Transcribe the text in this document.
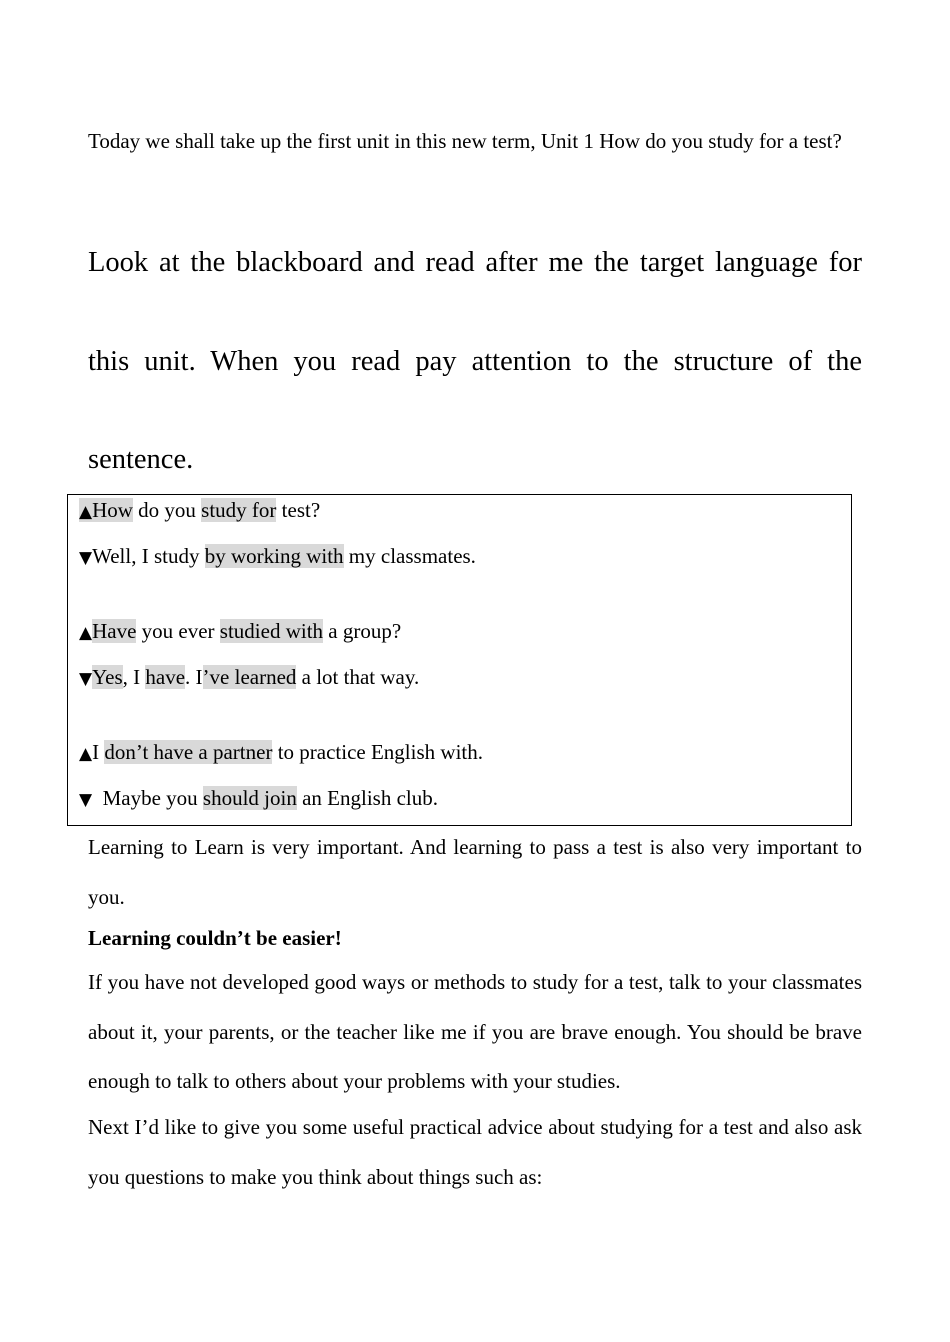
Today we shall take up the first unit in this new term, Unit 1 How do you study for a test?

Look at the blackboard and read after me the target language for this unit. When you read pay attention to the structure of the sentence.

▲How do you study for test?
▼Well, I study by working with my classmates.
▲Have you ever studied with a group?
▼Yes, I have. I’ve learned a lot that way.
▲I don’t have a partner to practice English with.
▼  Maybe you should join an English club.

Learning to Learn is very important. And learning to pass a test is also very important to you.

Learning couldn’t be easier!

If you have not developed good ways or methods to study for a test, talk to your classmates about it, your parents, or the teacher like me if you are brave enough. You should be brave enough to talk to others about your problems with your studies.

Next I’d like to give you some useful practical advice about studying for a test and also ask you questions to make you think about things such as:
